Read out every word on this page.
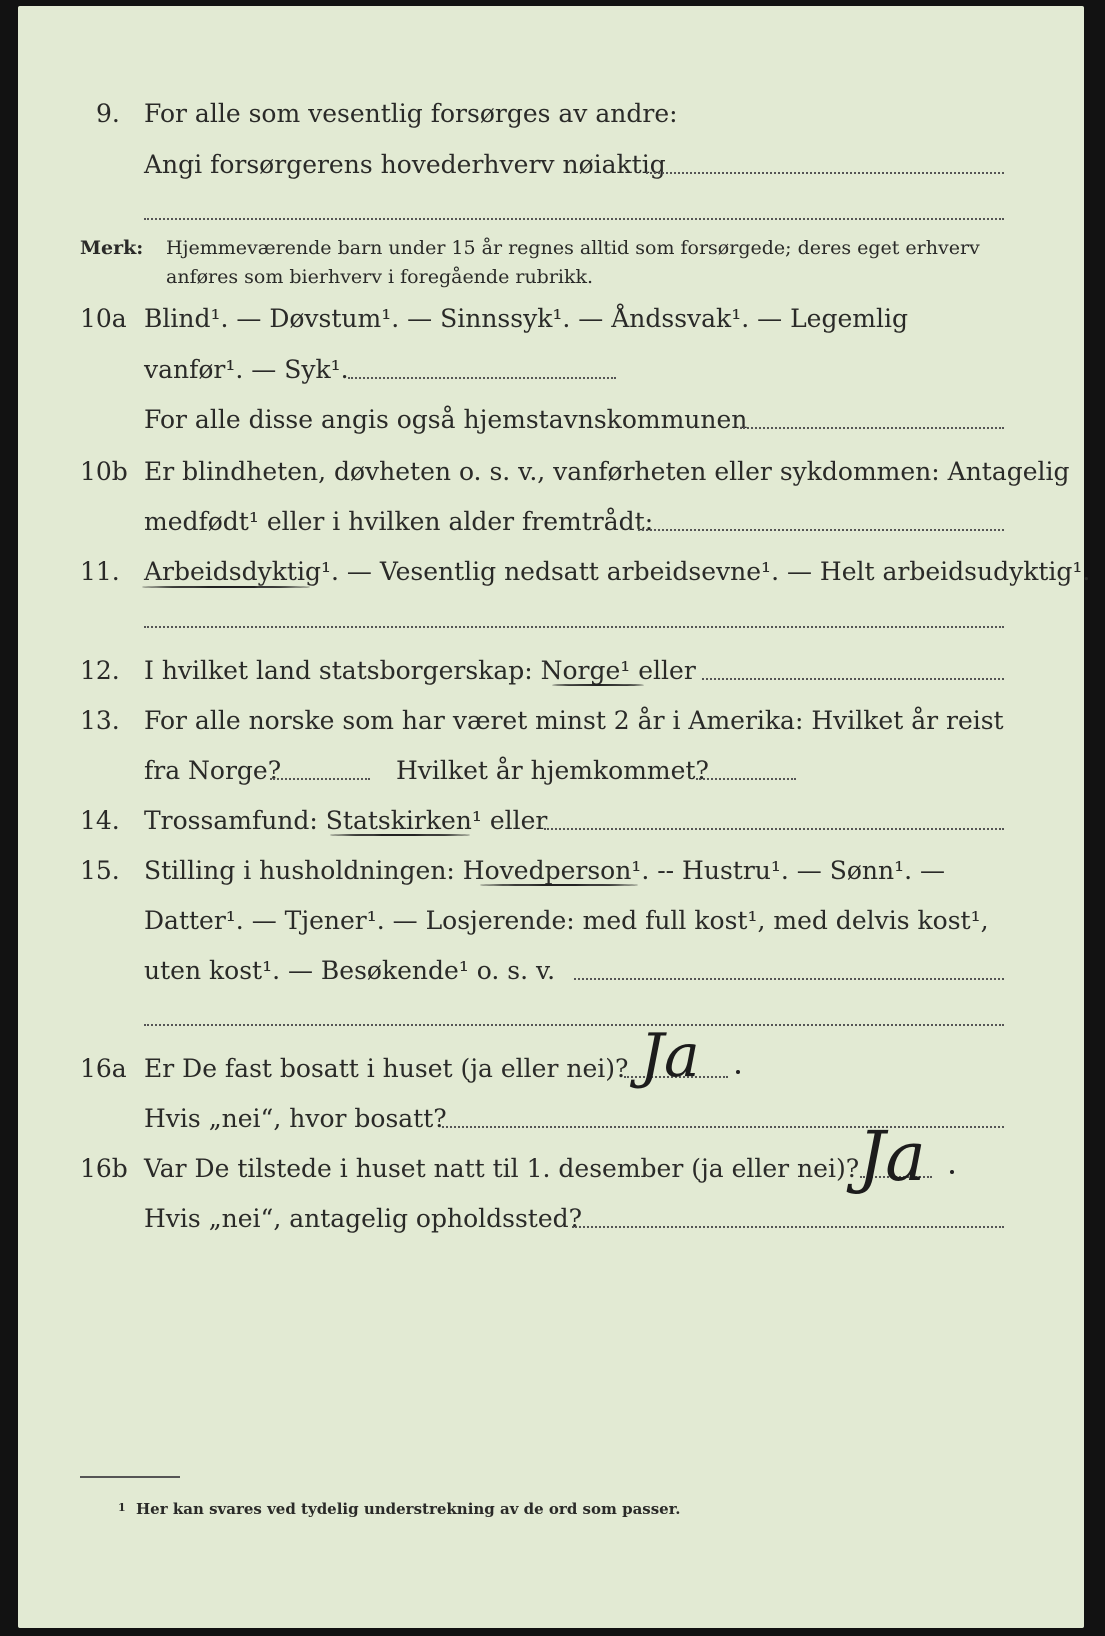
9. For alle som vesentlig forsørges av andre:
Angi forsørgerens hovederhverv nøiaktig
Merk: Hjemmeværende barn under 15 år regnes alltid som forsørgede; deres eget erhverv
anføres som bierhverv i foregående rubrikk.
10a Blind¹. — Døvstum¹. — Sinnssyk¹. — Åndssvak¹. — Legemlig
vanfør¹. — Syk¹.
For alle disse angis også hjemstavnskommunen
10b Er blindheten, døvheten o. s. v., vanførheten eller sykdommen: Antagelig
medfødt¹ eller i hvilken alder fremtrådt:
11. Arbeidsdyktig¹. — Vesentlig nedsatt arbeidsevne¹. — Helt arbeidsudyktig¹.
12. I hvilket land statsborgerskap: Norge¹ eller
13. For alle norske som har været minst 2 år i Amerika: Hvilket år reist
fra Norge?	Hvilket år hjemkommet?
14. Trossamfund: Statskirken¹ eller
15. Stilling i husholdningen: Hovedperson¹. -- Hustru¹. — Sønn¹. —
Datter¹. — Tjener¹. — Losjerende: med full kost¹, med delvis kost¹,
uten kost¹. — Besøkende¹ o. s. v.
16a Er De fast bosatt i huset (ja eller nei)? Ja
Hvis „nei“, hvor bosatt?
16b Var De tilstede i huset natt til 1. desember (ja eller nei)?
Ja
Hvis „nei“, antagelig opholdssted?
1 Her kan svares ved tydelig understrekning av de ord som passer.
